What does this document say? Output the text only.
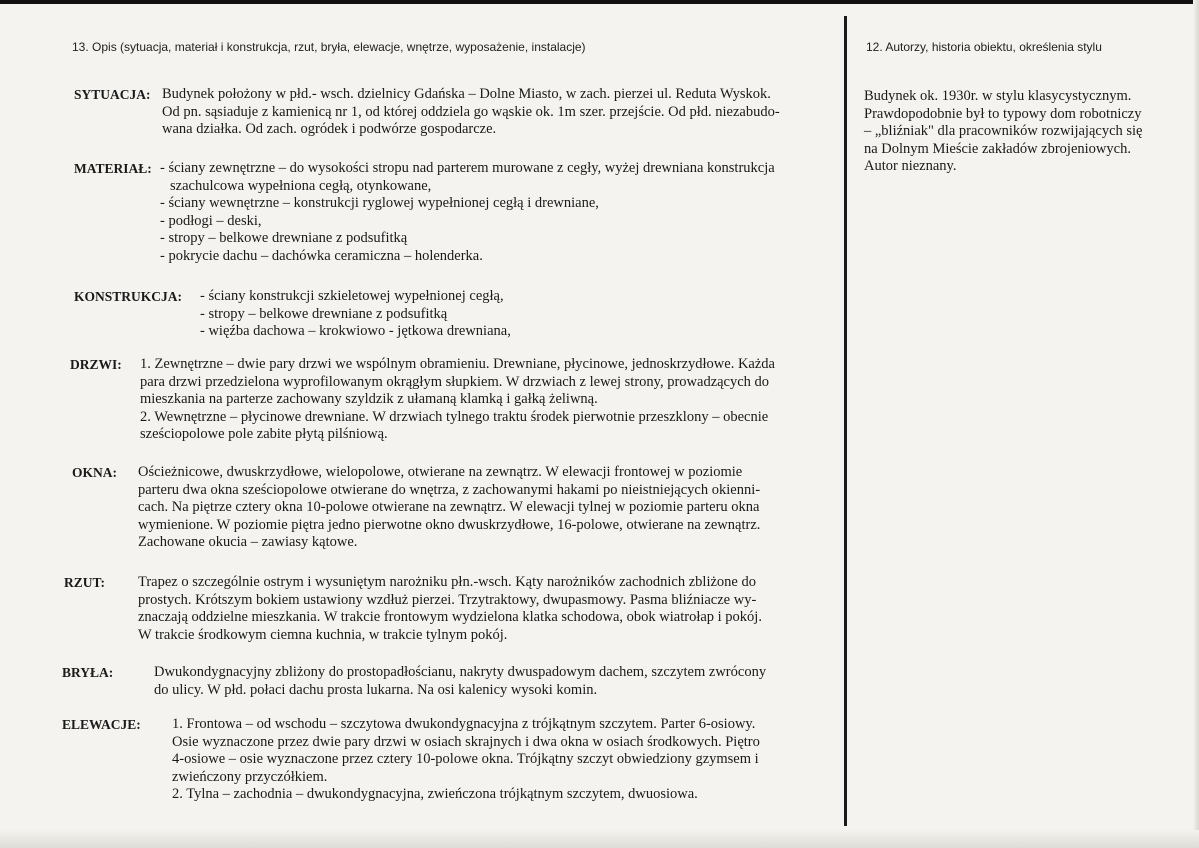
13. Opis (sytuacja, materiał i konstrukcja, rzut, bryła, elewacje, wnętrze, wyposażenie, instalacje)	12. Autorzy, historia obiektu, określenia stylu
SYTUACJA: Budynek położony w płd.- wsch. dzielnicy Gdańska – Dolne Miasto, w zach. pierzei ul. Reduta Wyskok.
Od pn. sąsiaduje z kamienicą nr 1, od której oddziela go wąskie ok. 1m szer. przejście. Od płd. niezabudo-
wana działka. Od zach. ogródek i podwórze gospodarcze.
MATERIAŁ: - ściany zewnętrzne – do wysokości stropu nad parterem murowane z cegły, wyżej drewniana konstrukcja
szachulcowa wypełniona cegłą, otynkowane,
- ściany wewnętrzne – konstrukcji ryglowej wypełnionej cegłą i drewniane,
- podłogi – deski,
- stropy – belkowe drewniane z podsufitką
- pokrycie dachu – dachówka ceramiczna – holenderka.
KONSTRUKCJA: - ściany konstrukcji szkieletowej wypełnionej cegłą,
- stropy – belkowe drewniane z podsufitką
- więźba dachowa – krokwiowo - jętkowa drewniana,
DRZWI: 1. Zewnętrzne – dwie pary drzwi we wspólnym obramieniu. Drewniane, płycinowe, jednoskrzydłowe. Każda
para drzwi przedzielona wyprofilowanym okrągłym słupkiem. W drzwiach z lewej strony, prowadzących do
mieszkania na parterze zachowany szyldzik z ułamaną klamką i gałką żeliwną.
2. Wewnętrzne – płycinowe drewniane. W drzwiach tylnego traktu środek pierwotnie przeszklony – obecnie
sześciopolowe pole zabite płytą pilśniową.
OKNA: Ościeżnicowe, dwuskrzydłowe, wielopolowe, otwierane na zewnątrz. W elewacji frontowej w poziomie
parteru dwa okna sześciopolowe otwierane do wnętrza, z zachowanymi hakami po nieistniejących okienni-
cach. Na piętrze cztery okna 10-polowe otwierane na zewnątrz. W elewacji tylnej w poziomie parteru okna
wymienione. W poziomie piętra jedno pierwotne okno dwuskrzydłowe, 16-polowe, otwierane na zewnątrz.
Zachowane okucia – zawiasy kątowe.
RZUT: Trapez o szczególnie ostrym i wysuniętym narożniku płn.-wsch. Kąty narożników zachodnich zbliżone do
prostych. Krótszym bokiem ustawiony wzdłuż pierzei. Trzytraktowy, dwupasmowy. Pasma bliźniacze wy-
znaczają oddzielne mieszkania. W trakcie frontowym wydzielona klatka schodowa, obok wiatrołap i pokój.
W trakcie środkowym ciemna kuchnia, w trakcie tylnym pokój.
BRYŁA:	Dwukondygnacyjny zbliżony do prostopadłościanu, nakryty dwuspadowym dachem, szczytem zwrócony
do ulicy. W płd. połaci dachu prosta lukarna. Na osi kalenicy wysoki komin.
ELEWACJE: 1. Frontowa – od wschodu – szczytowa dwukondygnacyjna z trójkątnym szczytem. Parter 6-osiowy.
Osie wyznaczone przez dwie pary drzwi w osiach skrajnych i dwa okna w osiach środkowych. Piętro
4-osiowe – osie wyznaczone przez cztery 10-polowe okna. Trójkątny szczyt obwiedziony gzymsem i
zwieńczony przyczółkiem.
2. Tylna – zachodnia – dwukondygnacyjna, zwieńczona trójkątnym szczytem, dwuosiowa.
Budynek ok. 1930r. w stylu klasycystycznym.
Prawdopodobnie był to typowy dom robotniczy
– „bliźniak" dla pracowników rozwijających się
na Dolnym Mieście zakładów zbrojeniowych.
Autor nieznany.
